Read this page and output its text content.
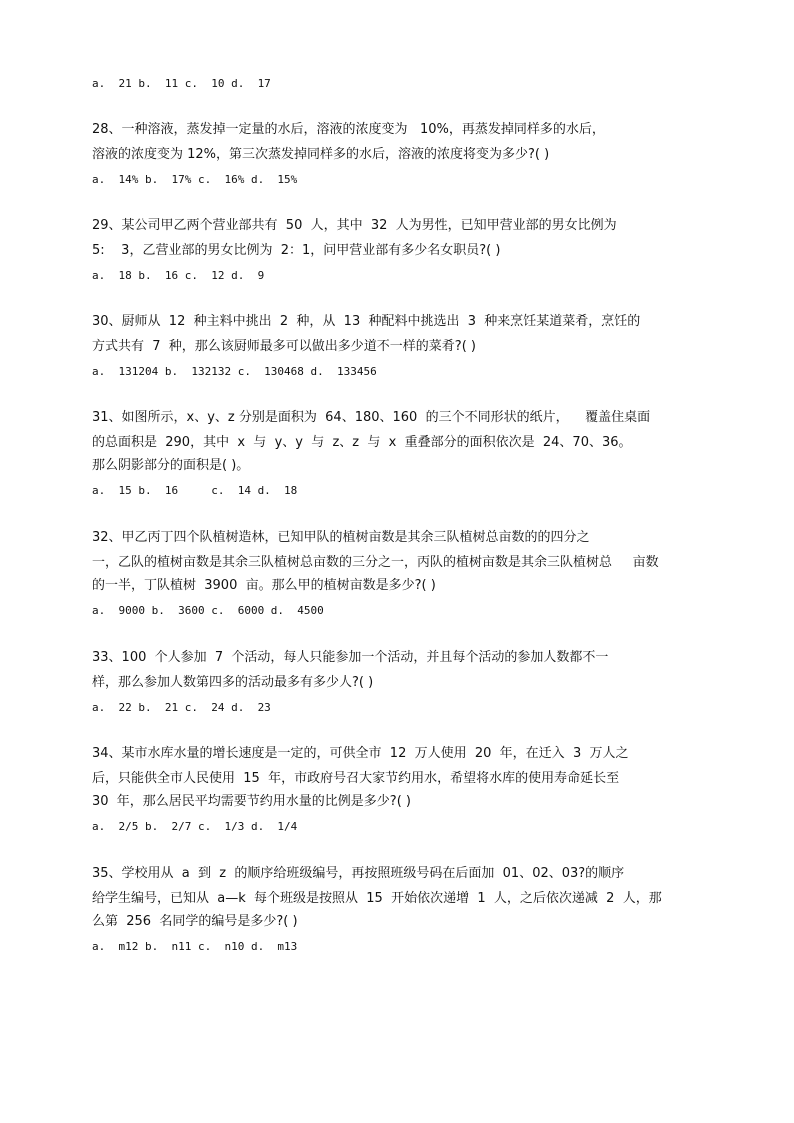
a.  21 b.  11 c.  10 d.  17
28、一种溶液，蒸发掉一定量的水后，溶液的浓度变为   10%，再蒸发掉同样多的水后，
溶液的浓度变为 12%，第三次蒸发掉同样多的水后，溶液的浓度将变为多少?( )
a.  14% b.  17% c.  16% d.  15%
29、某公司甲乙两个营业部共有  50  人，其中  32  人为男性，已知甲营业部的男女比例为
5:    3，乙营业部的男女比例为  2：1，问甲营业部有多少名女职员?( )
a.  18 b.  16 c.  12 d.  9
30、厨师从  12  种主料中挑出  2  种，从  13  种配料中挑选出  3  种来烹饪某道菜肴，烹饪的
方式共有  7  种，那么该厨师最多可以做出多少道不一样的菜肴?( )
a.  131204 b.  132132 c.  130468 d.  133456
31、如图所示，x、y、z 分别是面积为  64、180、160  的三个不同形状的纸片，    覆盖住桌面
的总面积是  290，其中  x  与  y、y  与  z、z  与  x  重叠部分的面积依次是  24、70、36。
那么阴影部分的面积是( )。
a.  15 b.  16     c.  14 d.  18
32、甲乙丙丁四个队植树造林，已知甲队的植树亩数是其余三队植树总亩数的的四分之
一，乙队的植树亩数是其余三队植树总亩数的三分之一，丙队的植树亩数是其余三队植树总     亩数
的一半，丁队植树  3900  亩。那么甲的植树亩数是多少?( )
a.  9000 b.  3600 c.  6000 d.  4500
33、100  个人参加  7  个活动，每人只能参加一个活动，并且每个活动的参加人数都不一
样，那么参加人数第四多的活动最多有多少人?( )
a.  22 b.  21 c.  24 d.  23
34、某市水库水量的增长速度是一定的，可供全市  12  万人使用  20  年，在迁入  3  万人之
后，只能供全市人民使用  15  年，市政府号召大家节约用水，希望将水库的使用寿命延长至
30  年，那么居民平均需要节约用水量的比例是多少?( )
a.  2/5 b.  2/7 c.  1/3 d.  1/4
35、学校用从  a  到  z  的顺序给班级编号，再按照班级号码在后面加  01、02、03?的顺序
给学生编号，已知从  a—k  每个班级是按照从  15  开始依次递增  1  人，之后依次递减  2  人，那
么第  256  名同学的编号是多少?( )
a.  m12 b.  n11 c.  n10 d.  m13
